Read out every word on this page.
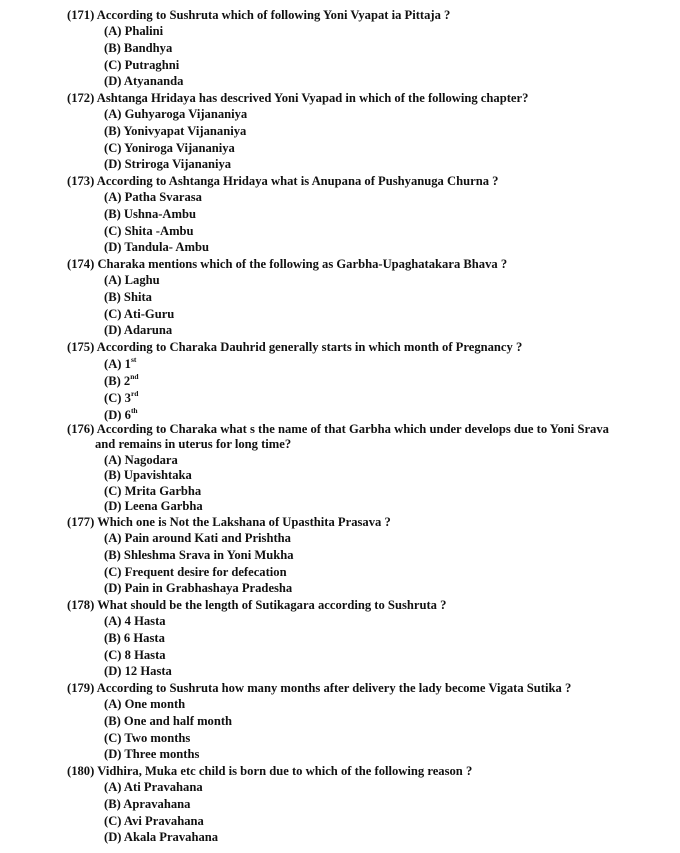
(171) According to Sushruta which of following Yoni Vyapat ia Pittaja ?
(A) Phalini
(B) Bandhya
(C) Putraghni
(D) Atyananda
(172) Ashtanga Hridaya has descrived Yoni Vyapad in which of the following chapter?
(A) Guhyaroga Vijananiya
(B) Yonivyapat Vijananiya
(C) Yoniroga Vijananiya
(D) Striroga Vijananiya
(173) According to Ashtanga Hridaya what is Anupana of Pushyanuga Churna ?
(A) Patha Svarasa
(B) Ushna-Ambu
(C) Shita -Ambu
(D) Tandula- Ambu
(174) Charaka mentions which of the following as Garbha-Upaghatakara Bhava ?
(A) Laghu
(B) Shita
(C) Ati-Guru
(D) Adaruna
(175) According to Charaka Dauhrid generally starts in which month of Pregnancy ?
(A) 1st
(B) 2nd
(C) 3rd
(D) 6th
(176) According to Charaka what s the name of that Garbha which under develops due to Yoni Srava
and remains in uterus for long time?
(A) Nagodara
(B) Upavishtaka
(C) Mrita Garbha
(D) Leena Garbha
(177) Which one is Not the Lakshana of Upasthita Prasava ?
(A) Pain around Kati and Prishtha
(B) Shleshma Srava in Yoni Mukha
(C) Frequent desire for defecation
(D) Pain in Grabhashaya Pradesha
(178) What should be the length of Sutikagara according to Sushruta ?
(A) 4 Hasta
(B) 6 Hasta
(C) 8 Hasta
(D) 12 Hasta
(179) According to Sushruta how many months after delivery the lady become Vigata Sutika ?
(A) One month
(B) One and half month
(C) Two months
(D) Three months
(180) Vidhira, Muka etc child is born due to which of the following reason ?
(A) Ati Pravahana
(B) Apravahana
(C) Avi Pravahana
(D) Akala Pravahana
